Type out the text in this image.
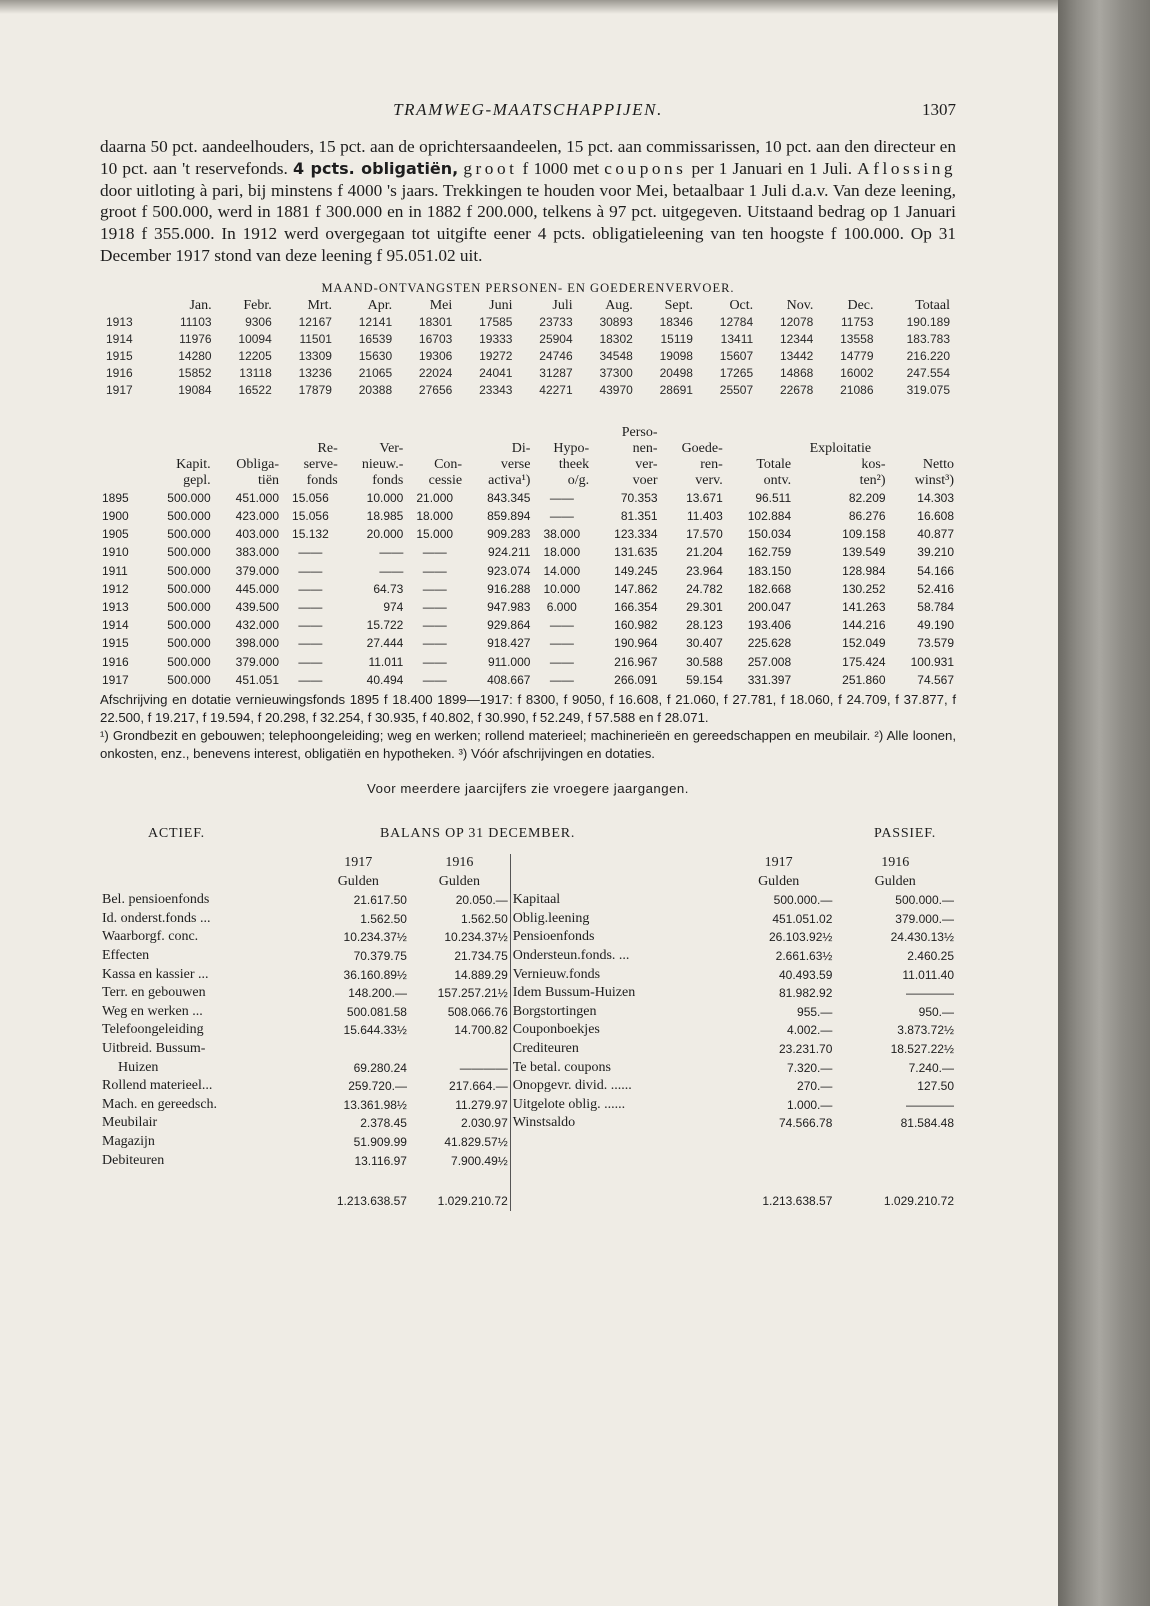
TRAMWEG-MAATSCHAPPIJEN.	1307

daarna 50 pct. aandeelhouders, 15 pct. aan de oprichtersaandeelen, 15 pct. aan commissarissen, 10 pct. aan den directeur en 10 pct. aan 't reservefonds. 4 pcts. obligatiën, groot f 1000 met coupons per 1 Januari en 1 Juli. Aflossing door uitloting à pari, bij minstens f 4000 's jaars. Trekkingen te houden voor Mei, betaalbaar 1 Juli d.a.v. Van deze leening, groot f 500.000, werd in 1881 f 300.000 en in 1882 f 200.000, telkens à 97 pct. uitgegeven. Uitstaand bedrag op 1 Januari 1918 f 355.000. In 1912 werd overgegaan tot uitgifte eener 4 pcts. obligatieleening van ten hoogste f 100.000. Op 31 December 1917 stond van deze leening f 95.051.02 uit.

MAAND-ONTVANGSTEN PERSONEN- EN GOEDERENVERVOER.
	Jan.	Febr.	Mrt.	Apr.	Mei	Juni	Juli	Aug.	Sept.	Oct.	Nov.	Dec.	Totaal
1913	11103	9306	12167	12141	18301	17585	23733	30893	18346	12784	12078	11753	190.189
1914	11976	10094	11501	16539	16703	19333	25904	18302	15119	13411	12344	13558	183.783
1915	14280	12205	13309	15630	19306	19272	24746	34548	19098	15607	13442	14779	216.220
1916	15852	13118	13236	21065	22024	24041	31287	37300	20498	17265	14868	16002	247.554
1917	19084	16522	17879	20388	27656	23343	42271	43970	28691	25507	22678	21086	319.075
								Perso-				
			Re-	Ver-		Di-	Hypo-	nen-	Goede-		Exploitatie	
	Kapit.	Obliga-	serve-	nieuw.-	Con-	verse	theek	ver-	ren-	Totale	kos-	Netto
	gepl.	tiën	fonds	fonds	cessie	activa¹)	o/g.	voer	verv.	ontv.	ten²)	winst³)
1895	500.000	451.000	15.056	10.000	21.000	843.345	——	70.353	13.671	96.511	82.209	14.303
1900	500.000	423.000	15.056	18.985	18.000	859.894	——	81.351	11.403	102.884	86.276	16.608
1905	500.000	403.000	15.132	20.000	15.000	909.283	38.000	123.334	17.570	150.034	109.158	40.877
1910	500.000	383.000	——	——	——	924.211	18.000	131.635	21.204	162.759	139.549	39.210
1911	500.000	379.000	——	——	——	923.074	14.000	149.245	23.964	183.150	128.984	54.166
1912	500.000	445.000	——	64.73	——	916.288	10.000	147.862	24.782	182.668	130.252	52.416
1913	500.000	439.500	——	974	——	947.983	6.000	166.354	29.301	200.047	141.263	58.784
1914	500.000	432.000	——	15.722	——	929.864	——	160.982	28.123	193.406	144.216	49.190
1915	500.000	398.000	——	27.444	——	918.427	——	190.964	30.407	225.628	152.049	73.579
1916	500.000	379.000	——	11.011	——	911.000	——	216.967	30.588	257.008	175.424	100.931
1917	500.000	451.051	——	40.494	——	408.667	——	266.091	59.154	331.397	251.860	74.567

Afschrijving en dotatie vernieuwingsfonds 1895 f 18.400 1899—1917: f 8300, f 9050, f 16.608, f 21.060, f 27.781, f 18.060, f 24.709, f 37.877, f 22.500, f 19.217, f 19.594, f 20.298, f 32.254, f 30.935, f 40.802, f 30.990, f 52.249, f 57.588 en f 28.071.

¹) Grondbezit en gebouwen; telephoongeleiding; weg en werken; rollend materieel; machinerieën en gereedschappen en meubilair. ²) Alle loonen, onkosten, enz., benevens interest, obligatiën en hypotheken. ³) Vóór afschrijvingen en dotaties.

Voor meerdere jaarcijfers zie vroegere jaargangen.
ACTIEF.	BALANS OP 31 DECEMBER.	PASSIEF.
	1917	1916		1917	1916
	Gulden	Gulden		Gulden	Gulden
Bel. pensioenfonds	21.617.50	20.050.—	Kapitaal	500.000.—	500.000.—
Id. onderst.fonds ...	1.562.50	1.562.50	Oblig.leening	451.051.02	379.000.—
Waarborgf. conc.	10.234.37½	10.234.37½	Pensioenfonds	26.103.92½	24.430.13½
Effecten	70.379.75	21.734.75	Ondersteun.fonds. ...	2.661.63½	2.460.25
Kassa en kassier ...	36.160.89½	14.889.29	Vernieuw.fonds	40.493.59	11.011.40
Terr. en gebouwen	148.200.—	157.257.21½	Idem Bussum-Huizen	81.982.92	————
Weg en werken ...	500.081.58	508.066.76	Borgstortingen	955.—	950.—
Telefoongeleiding	15.644.33½	14.700.82	Couponboekjes	4.002.—	3.873.72½
Uitbreid. Bussum-			Crediteuren	23.231.70	18.527.22½
Huizen	69.280.24	————	Te betal. coupons	7.320.—	7.240.—
Rollend materieel...	259.720.—	217.664.—	Onopgevr. divid. ......	270.—	127.50
Mach. en gereedsch.	13.361.98½	11.279.97	Uitgelote oblig. ......	1.000.—	————
Meubilair	2.378.45	2.030.97	Winstsaldo	74.566.78	81.584.48
Magazijn	51.909.99	41.829.57½			
Debiteuren	13.116.97	7.900.49½			
	1.213.638.57	1.029.210.72		1.213.638.57	1.029.210.72
